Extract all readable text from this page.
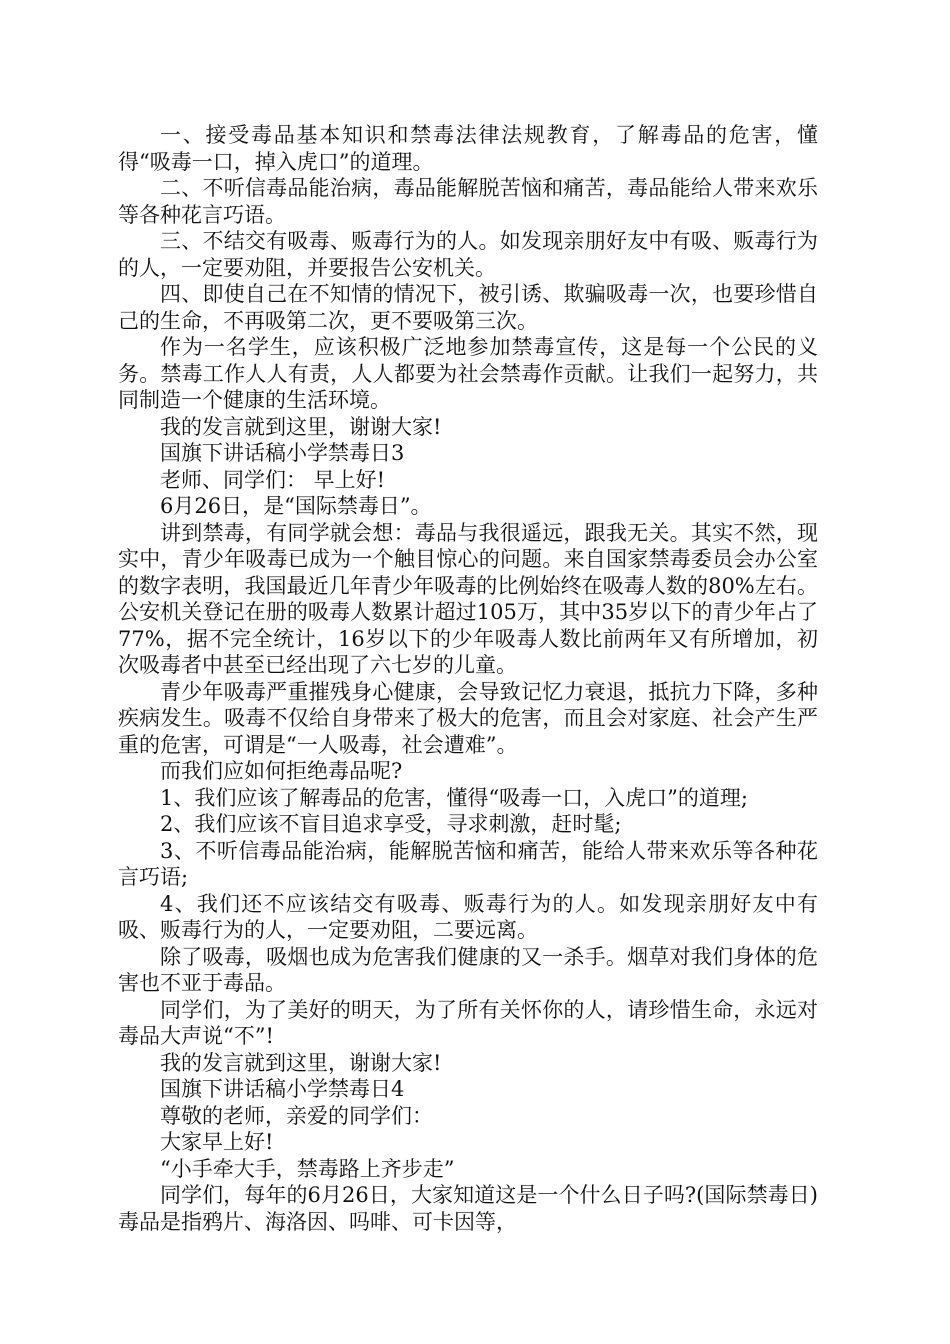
一、接受毒品基本知识和禁毒法律法规教育，了解毒品的危害，懂得“吸毒一口，掉入虎口”的道理。

二、不听信毒品能治病，毒品能解脱苦恼和痛苦，毒品能给人带来欢乐等各种花言巧语。

三、不结交有吸毒、贩毒行为的人。如发现亲朋好友中有吸、贩毒行为的人，一定要劝阻，并要报告公安机关。

四、即使自己在不知情的情况下，被引诱、欺骗吸毒一次，也要珍惜自己的生命，不再吸第二次，更不要吸第三次。

作为一名学生，应该积极广泛地参加禁毒宣传，这是每一个公民的义务。禁毒工作人人有责，人人都要为社会禁毒作贡献。让我们一起努力，共同制造一个健康的生活环境。

我的发言就到这里，谢谢大家!

国旗下讲话稿小学禁毒日3

老师、同学们： 早上好!

6月26日，是“国际禁毒日”。

讲到禁毒，有同学就会想：毒品与我很遥远，跟我无关。其实不然，现实中，青少年吸毒已成为一个触目惊心的问题。来自国家禁毒委员会办公室的数字表明，我国最近几年青少年吸毒的比例始终在吸毒人数的80%左右。公安机关登记在册的吸毒人数累计超过105万，其中35岁以下的青少年占了77%，据不完全统计，16岁以下的少年吸毒人数比前两年又有所增加，初次吸毒者中甚至已经出现了六七岁的儿童。

青少年吸毒严重摧残身心健康，会导致记忆力衰退，抵抗力下降，多种疾病发生。吸毒不仅给自身带来了极大的危害，而且会对家庭、社会产生严重的危害，可谓是“一人吸毒，社会遭难”。

而我们应如何拒绝毒品呢?

1、我们应该了解毒品的危害，懂得“吸毒一口，入虎口”的道理;

2、我们应该不盲目追求享受，寻求刺激，赶时髦;

3、不听信毒品能治病，能解脱苦恼和痛苦，能给人带来欢乐等各种花言巧语;

4、我们还不应该结交有吸毒、贩毒行为的人。如发现亲朋好友中有吸、贩毒行为的人，一定要劝阻，二要远离。

除了吸毒，吸烟也成为危害我们健康的又一杀手。烟草对我们身体的危害也不亚于毒品。

同学们，为了美好的明天，为了所有关怀你的人，请珍惜生命，永远对毒品大声说“不”!

我的发言就到这里，谢谢大家!

国旗下讲话稿小学禁毒日4

尊敬的老师，亲爱的同学们：

大家早上好!

“小手牵大手，禁毒路上齐步走”

同学们，每年的6月26日，大家知道这是一个什么日子吗?(国际禁毒日)毒品是指鸦片、海洛因、吗啡、可卡因等，
